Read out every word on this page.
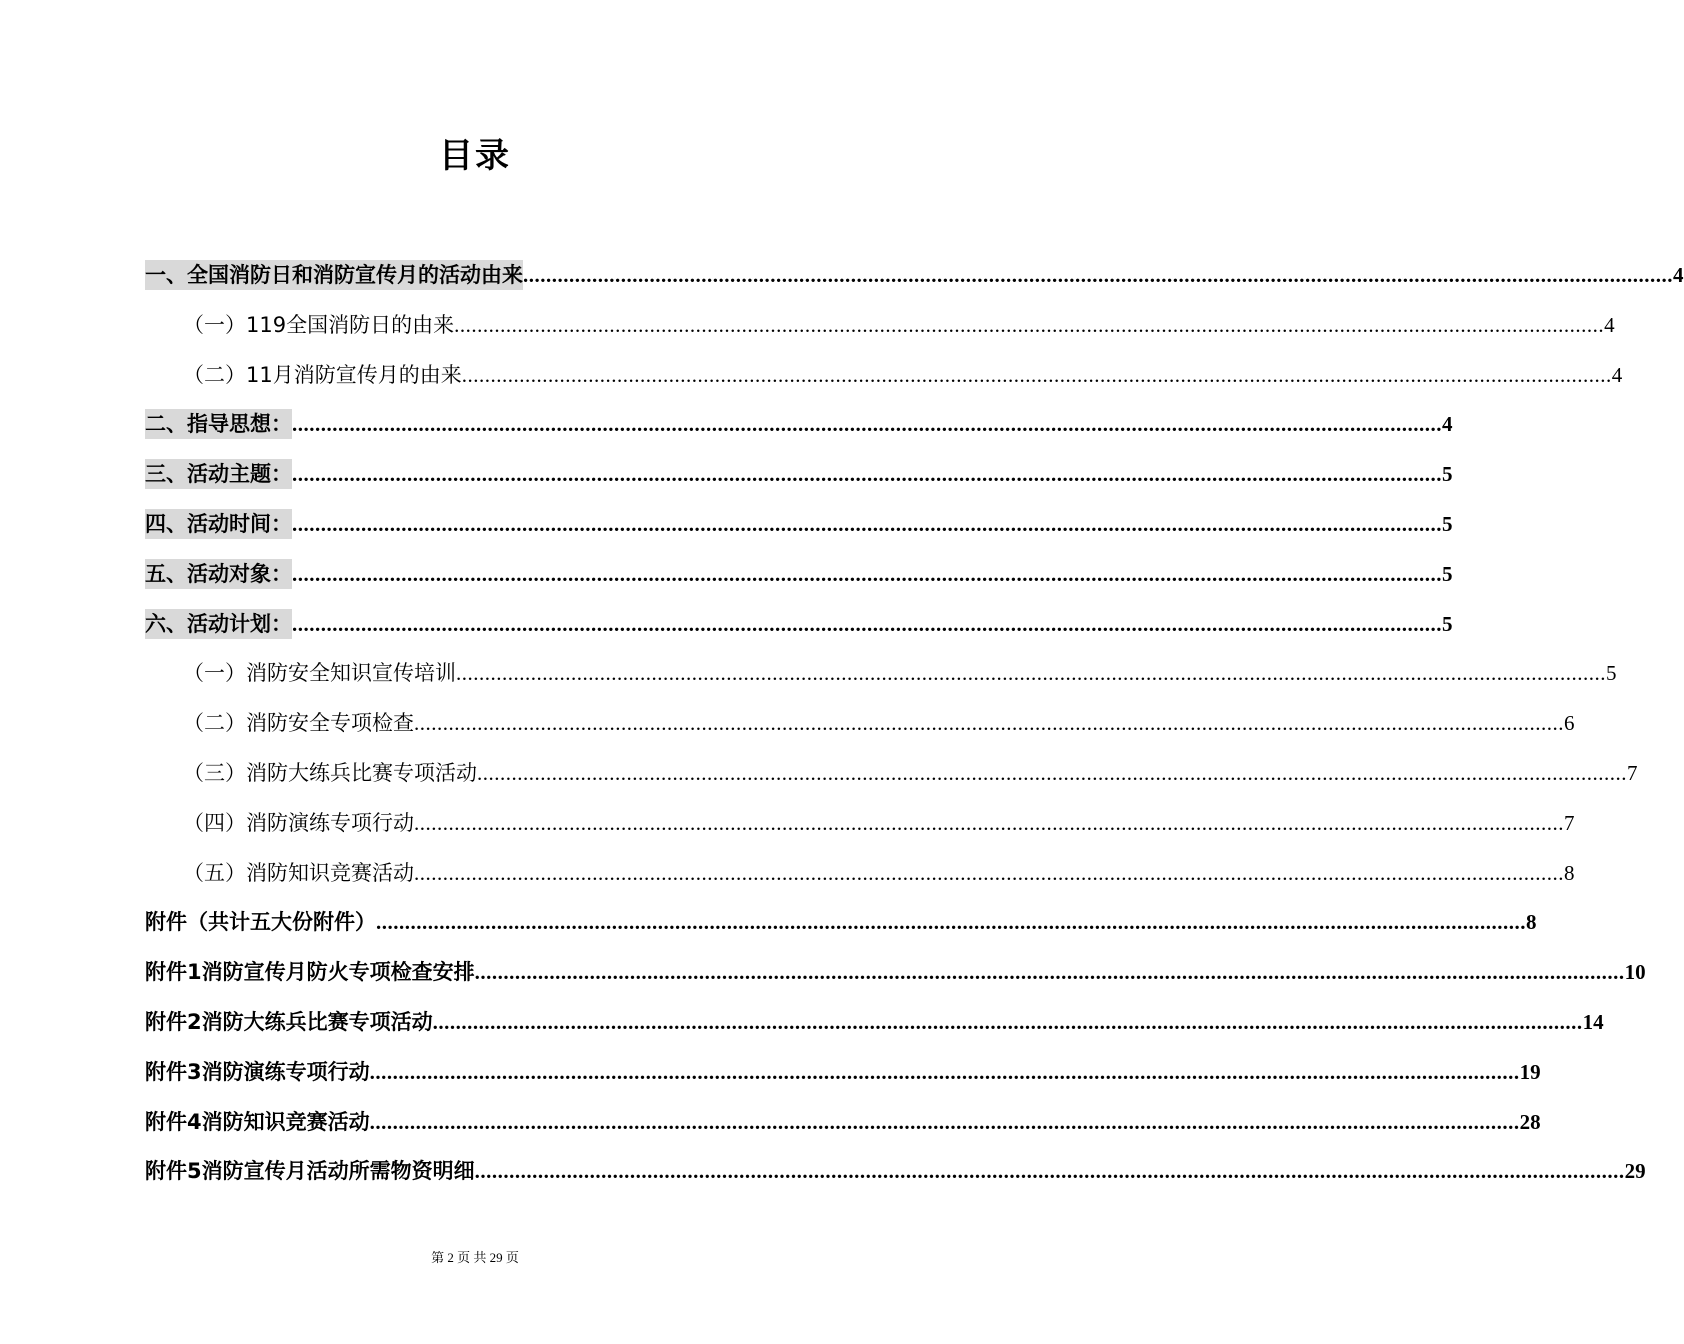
目录
一、全国消防日和消防宣传月的活动由来 ........................................................................................................................................................................................................ 4
（一）119全国消防日的由来 ........................................................................................................................................................................................................ 4
（二）11月消防宣传月的由来 ........................................................................................................................................................................................................ 4
二、指导思想： ........................................................................................................................................................................................................ 4
三、活动主题： ........................................................................................................................................................................................................ 5
四、活动时间： ........................................................................................................................................................................................................ 5
五、活动对象： ........................................................................................................................................................................................................ 5
六、活动计划： ........................................................................................................................................................................................................ 5
（一）消防安全知识宣传培训 ........................................................................................................................................................................................................ 5
（二）消防安全专项检查 ........................................................................................................................................................................................................ 6
（三）消防大练兵比赛专项活动 ........................................................................................................................................................................................................ 7
（四）消防演练专项行动 ........................................................................................................................................................................................................ 7
（五）消防知识竞赛活动 ........................................................................................................................................................................................................ 8
附件（共计五大份附件） ........................................................................................................................................................................................................ 8
附件1消防宣传月防火专项检查安排 ........................................................................................................................................................................................................ 10
附件2消防大练兵比赛专项活动 ........................................................................................................................................................................................................ 14
附件3消防演练专项行动 ........................................................................................................................................................................................................ 19
附件4消防知识竞赛活动 ........................................................................................................................................................................................................ 28
附件5消防宣传月活动所需物资明细 ........................................................................................................................................................................................................ 29
第 2 页 共 29 页
